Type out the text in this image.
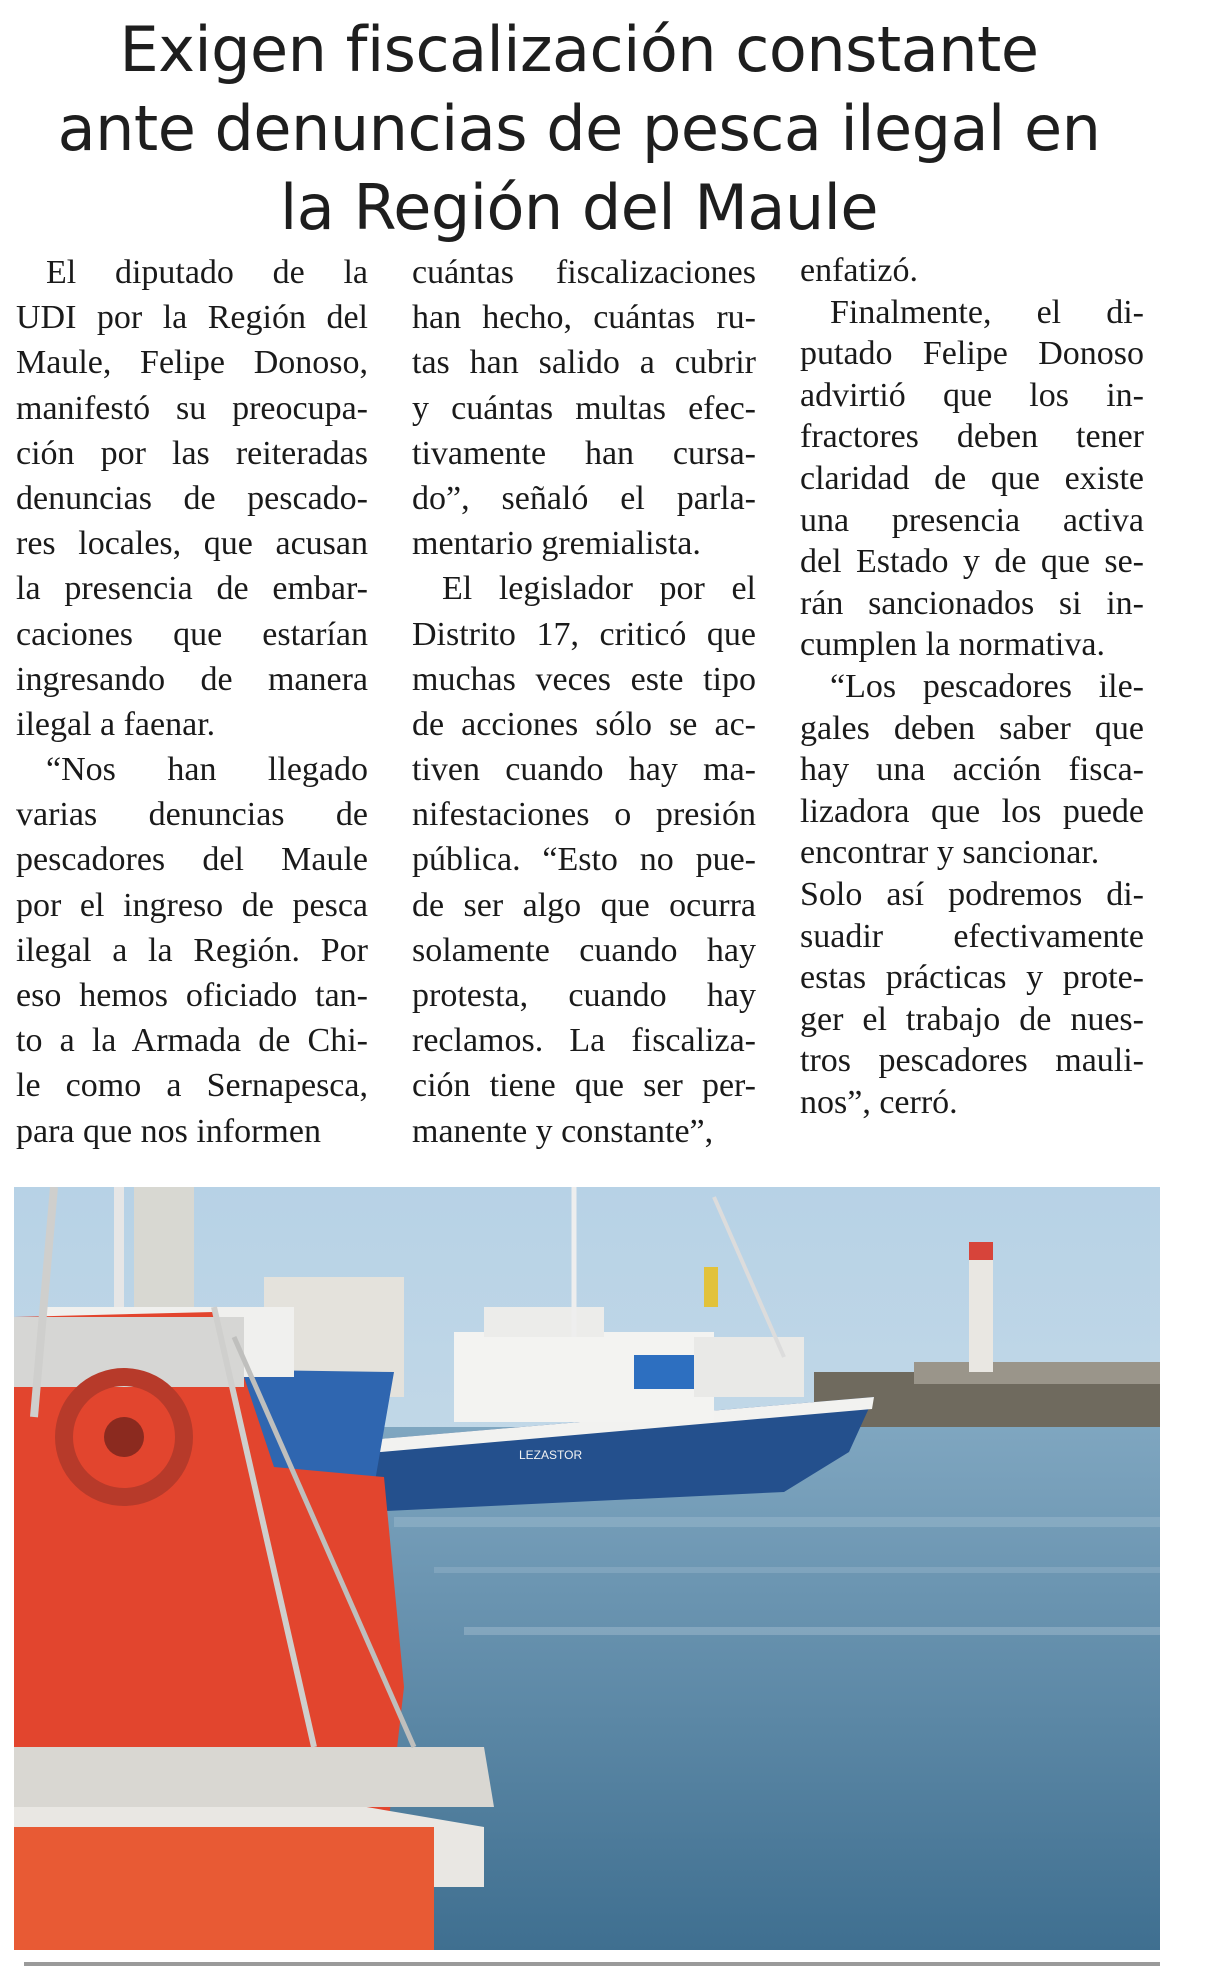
Exigen fiscalización constante
ante denuncias de pesca ilegal en
la Región del Maule
El diputado de la
UDI por la Región del
Maule, Felipe Donoso,
manifestó su preocupa-
ción por las reiteradas
denuncias de pescado-
res locales, que acusan
la presencia de embar-
caciones que estarían
ingresando de manera
ilegal a faenar.
“Nos han llegado
varias denuncias de
pescadores del Maule
por el ingreso de pesca
ilegal a la Región. Por
eso hemos oficiado tan-
to a la Armada de Chi-
le como a Sernapesca,
para que nos informen
cuántas fiscalizaciones
han hecho, cuántas ru-
tas han salido a cubrir
y cuántas multas efec-
tivamente han cursa-
do”, señaló el parla-
mentario gremialista.
El legislador por el
Distrito 17, criticó que
muchas veces este tipo
de acciones sólo se ac-
tiven cuando hay ma-
nifestaciones o presión
pública. “Esto no pue-
de ser algo que ocurra
solamente cuando hay
protesta, cuando hay
reclamos. La fiscaliza-
ción tiene que ser per-
manente y constante”,
enfatizó.
Finalmente, el di-
putado Felipe Donoso
advirtió que los in-
fractores deben tener
claridad de que existe
una presencia activa
del Estado y de que se-
rán sancionados si in-
cumplen la normativa.
“Los pescadores ile-
gales deben saber que
hay una acción fisca-
lizadora que los puede
encontrar y sancionar.
Solo así podremos di-
suadir efectivamente
estas prácticas y prote-
ger el trabajo de nues-
tros pescadores mauli-
nos”, cerró.
LEZASTOR
